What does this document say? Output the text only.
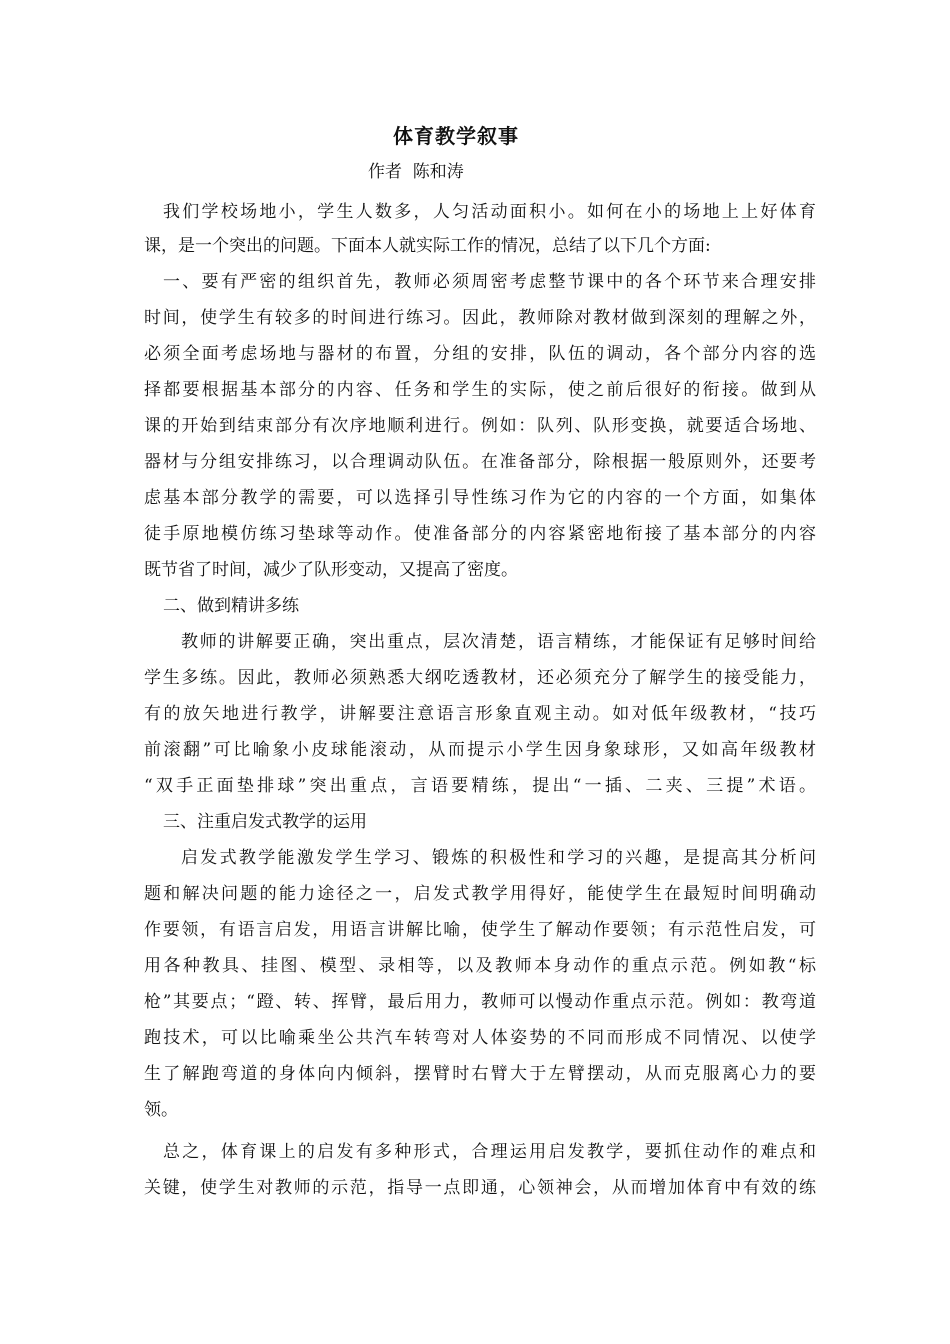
体育教学叙事
作者  陈和涛
我们学校场地小，学生人数多，人匀活动面积小。如何在小的场地上上好体育
课，是一个突出的问题。下面本人就实际工作的情况，总结了以下几个方面:
一、要有严密的组织首先，教师必须周密考虑整节课中的各个环节来合理安排
时间，使学生有较多的时间进行练习。因此，教师除对教材做到深刻的理解之外，
必须全面考虑场地与器材的布置，分组的安排，队伍的调动，各个部分内容的选
择都要根据基本部分的内容、任务和学生的实际，使之前后很好的衔接。做到从
课的开始到结束部分有次序地顺利进行。例如：队列、队形变换，就要适合场地、
器材与分组安排练习，以合理调动队伍。在准备部分，除根据一般原则外，还要考
虑基本部分教学的需要，可以选择引导性练习作为它的内容的一个方面，如集体
徒手原地模仿练习垫球等动作。使准备部分的内容紧密地衔接了基本部分的内容
既节省了时间，减少了队形变动，又提高了密度。
二、做到精讲多练
教师的讲解要正确，突出重点，层次清楚，语言精练，才能保证有足够时间给
学生多练。因此，教师必须熟悉大纲吃透教材，还必须充分了解学生的接受能力，
有的放矢地进行教学，讲解要注意语言形象直观主动。如对低年级教材，“技巧
前滚翻”可比喻象小皮球能滚动，从而提示小学生因身象球形，又如高年级教材
“双手正面垫排球”突出重点，言语要精练，提出“一插、二夹、三提”术语。
三、注重启发式教学的运用
启发式教学能激发学生学习、锻炼的积极性和学习的兴趣，是提高其分析问
题和解决问题的能力途径之一，启发式教学用得好，能使学生在最短时间明确动
作要领，有语言启发，用语言讲解比喻，使学生了解动作要领；有示范性启发，可
用各种教具、挂图、模型、录相等，以及教师本身动作的重点示范。例如教“标
枪”其要点；“蹬、转、挥臂，最后用力，教师可以慢动作重点示范。例如：教弯道
跑技术，可以比喻乘坐公共汽车转弯对人体姿势的不同而形成不同情况、以使学
生了解跑弯道的身体向内倾斜，摆臂时右臂大于左臂摆动，从而克服离心力的要
领。
总之，体育课上的启发有多种形式，合理运用启发教学，要抓住动作的难点和
关键，使学生对教师的示范，指导一点即通，心领神会，从而增加体育中有效的练
